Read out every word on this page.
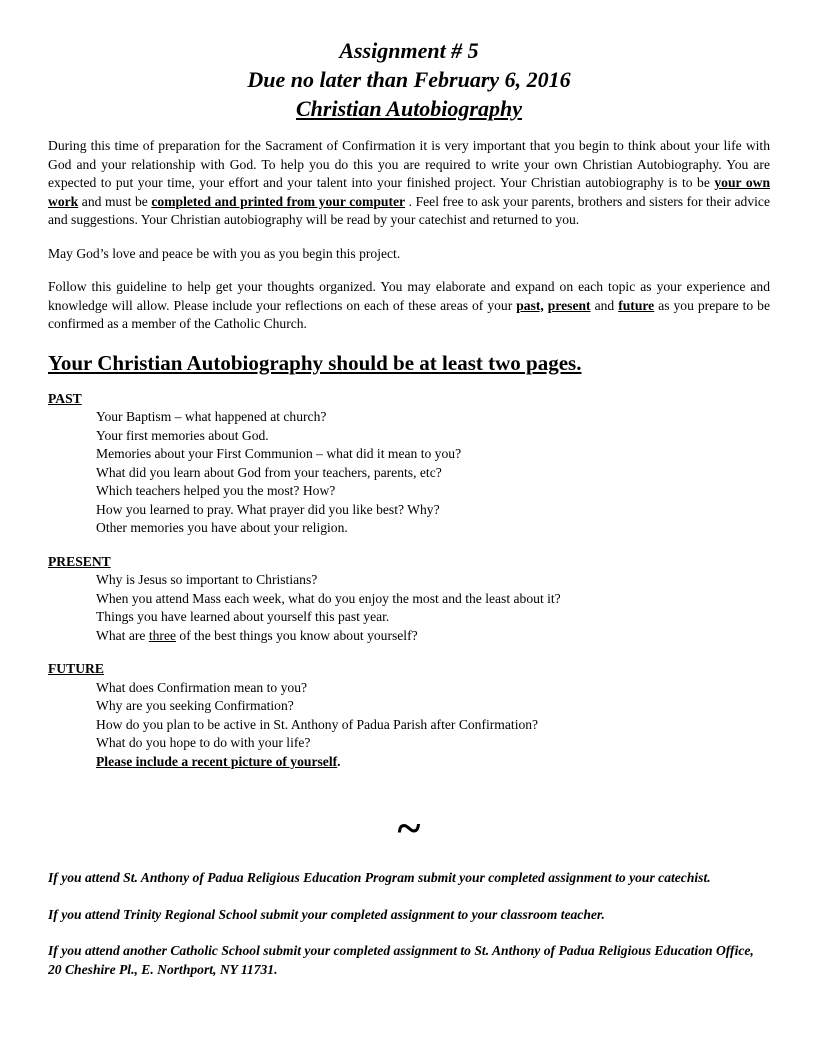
Assignment # 5
Due no later than February 6, 2016
Christian Autobiography

During this time of preparation for the Sacrament of Confirmation it is very important that you begin to think about your life with God and your relationship with God. To help you do this you are required to write your own Christian Autobiography. You are expected to put your time, your effort and your talent into your finished project. Your Christian autobiography is to be your own work and must be completed and printed from your computer . Feel free to ask your parents, brothers and sisters for their advice and suggestions. Your Christian autobiography will be read by your catechist and returned to you.

May God’s love and peace be with you as you begin this project.

Follow this guideline to help get your thoughts organized. You may elaborate and expand on each topic as your experience and knowledge will allow. Please include your reflections on each of these areas of your past, present and future as you prepare to be confirmed as a member of the Catholic Church.

Your Christian Autobiography should be at least two pages.

PAST

Your Baptism – what happened at church?
Your first memories about God.
Memories about your First Communion – what did it mean to you?
What did you learn about God from your teachers, parents, etc?
Which teachers helped you the most? How?
How you learned to pray. What prayer did you like best? Why?
Other memories you have about your religion.

PRESENT

Why is Jesus so important to Christians?
When you attend Mass each week, what do you enjoy the most and the least about it?
Things you have learned about yourself this past year.
What are three of the best things you know about yourself?

FUTURE

What does Confirmation mean to you?
Why are you seeking Confirmation?
How do you plan to be active in St. Anthony of Padua Parish after Confirmation?
What do you hope to do with your life?
Please include a recent picture of yourself.
~

If you attend St. Anthony of Padua Religious Education Program submit your completed assignment to your catechist.

If you attend Trinity Regional School submit your completed assignment to your classroom teacher.

If you attend another Catholic School submit your completed assignment to St. Anthony of Padua Religious Education Office, 20 Cheshire Pl., E. Northport, NY 11731.
